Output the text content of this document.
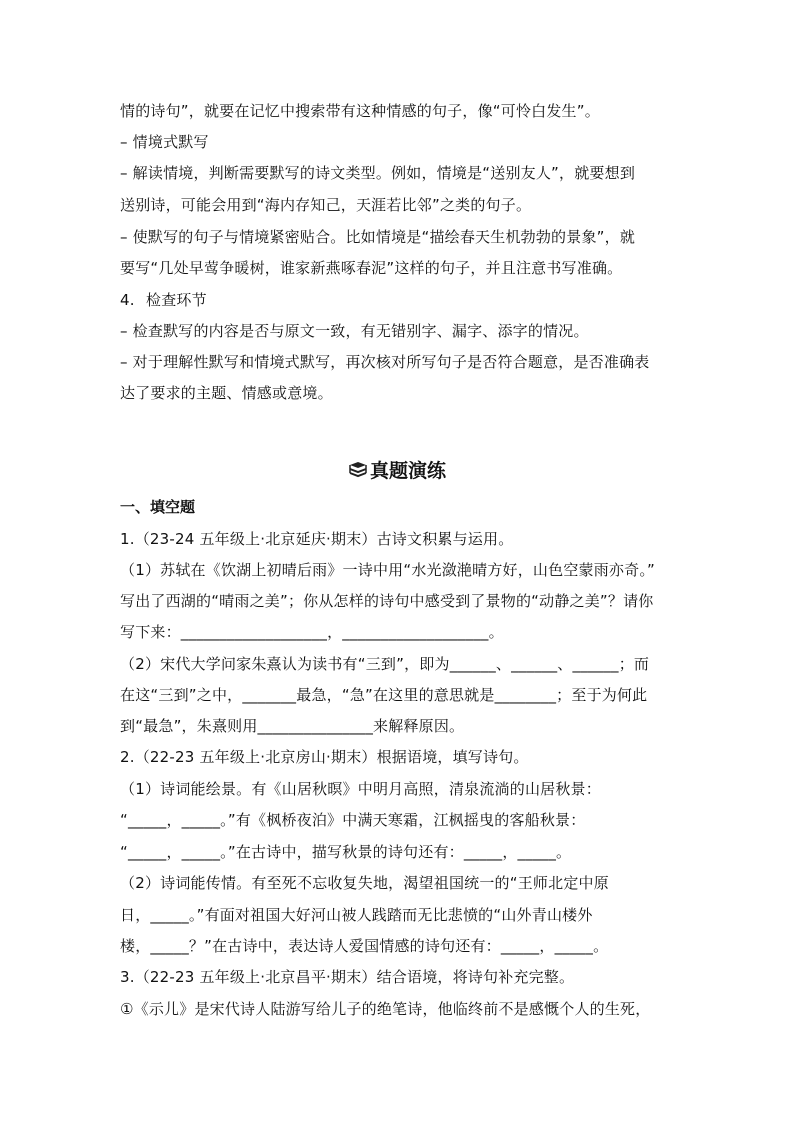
情的诗句”，就要在记忆中搜索带有这种情感的句子，像“可怜白发生”。
– 情境式默写
– 解读情境，判断需要默写的诗文类型。例如，情境是“送别友人”，就要想到
送别诗，可能会用到“海内存知己，天涯若比邻”之类的句子。
– 使默写的句子与情境紧密贴合。比如情境是“描绘春天生机勃勃的景象”，就
要写“几处早莺争暖树，谁家新燕啄春泥”这样的句子，并且注意书写准确。
4. 检查环节
– 检查默写的内容是否与原文一致，有无错别字、漏字、添字的情况。
– 对于理解性默写和情境式默写，再次核对所写句子是否符合题意，是否准确表
达了要求的主题、情感或意境。
真题演练
一、填空题
1.（23-24 五年级上·北京延庆·期末）古诗文积累与运用。
（1）苏轼在《饮湖上初晴后雨》一诗中用“水光潋滟晴方好，山色空蒙雨亦奇。”
写出了西湖的“晴雨之美”；你从怎样的诗句中感受到了景物的“动静之美”？请你
写下来：___________________，___________________。
（2）宋代大学问家朱熹认为读书有“三到”，即为______、______、______；而
在这“三到”之中，_______最急，“急”在这里的意思就是________；至于为何此
到“最急”，朱熹则用_______________来解释原因。
2.（22-23 五年级上·北京房山·期末）根据语境，填写诗句。
（1）诗词能绘景。有《山居秋暝》中明月高照，清泉流淌的山居秋景：
“_____，_____。”有《枫桥夜泊》中满天寒霜，江枫摇曳的客船秋景：
“_____，_____。”在古诗中，描写秋景的诗句还有：_____，_____。
（2）诗词能传情。有至死不忘收复失地，渴望祖国统一的“王师北定中原
日，_____。”有面对祖国大好河山被人践踏而无比悲愤的“山外青山楼外
楼，_____？”在古诗中，表达诗人爱国情感的诗句还有：_____，_____。
3.（22-23 五年级上·北京昌平·期末）结合语境，将诗句补充完整。
①《示儿》是宋代诗人陆游写给儿子的绝笔诗，他临终前不是感慨个人的生死，
